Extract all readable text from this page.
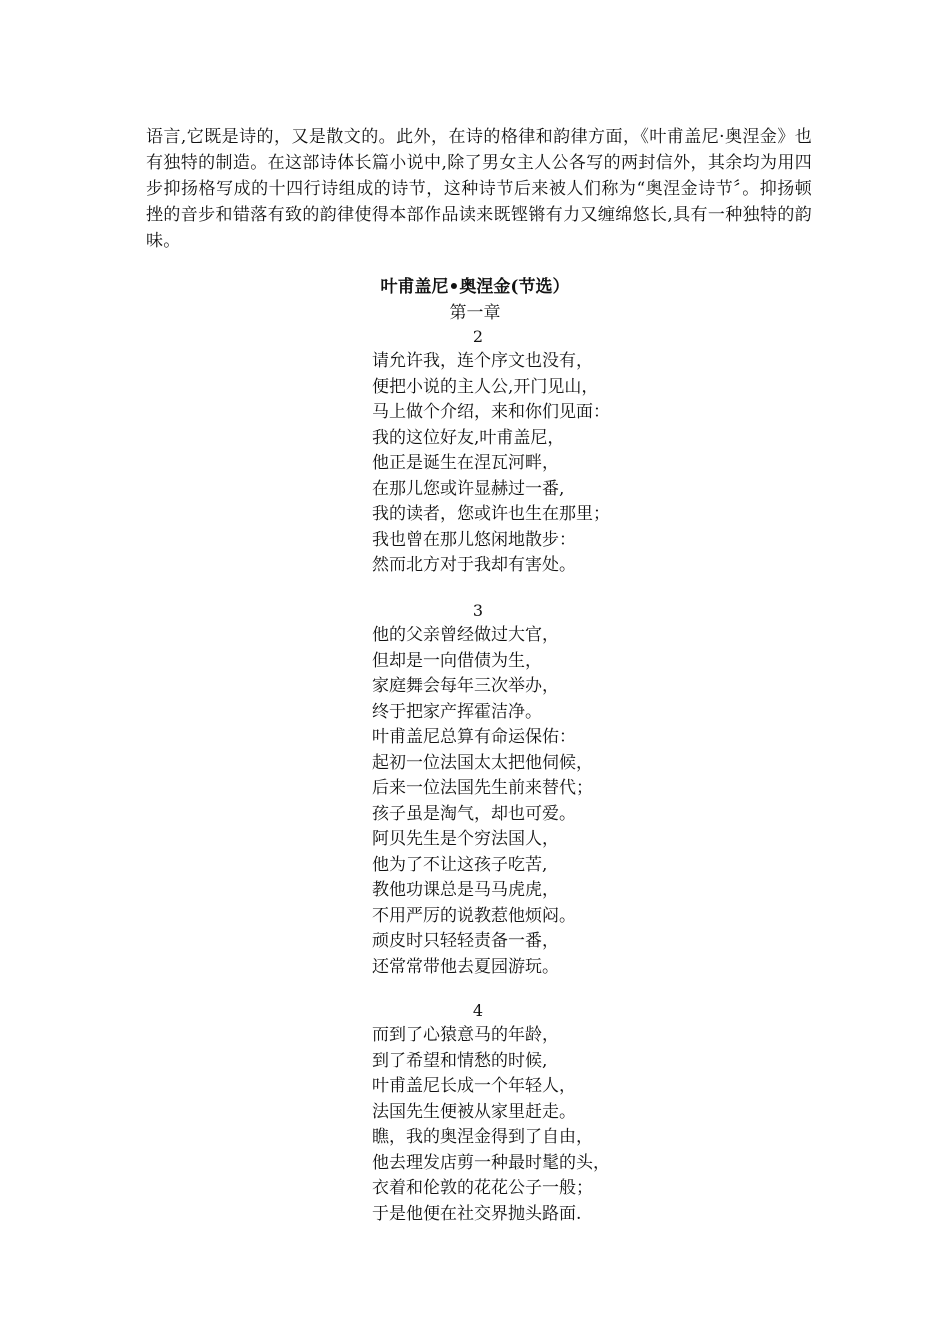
语言,它既是诗的，又是散文的。此外，在诗的格律和韵律方面，《叶甫盖尼·奥涅金》也有独特的制造。在这部诗体长篇小说中,除了男女主人公各写的两封信外，其余均为用四步抑扬格写成的十四行诗组成的诗节，这种诗节后来被人们称为“奥涅金诗节〞。抑扬顿挫的音步和错落有致的韵律使得本部作品读来既铿锵有力又缠绵悠长,具有一种独特的韵味。

叶甫盖尼•奥涅金(节选）
第一章
2
请允许我，连个序文也没有，
便把小说的主人公,开门见山，
马上做个介绍，来和你们见面：
我的这位好友,叶甫盖尼，
他正是诞生在涅瓦河畔，
在那儿您或许显赫过一番,
我的读者，您或许也生在那里；
我也曾在那儿悠闲地散步：
然而北方对于我却有害处。
3
他的父亲曾经做过大官，
但却是一向借债为生，
家庭舞会每年三次举办，
终于把家产挥霍洁净。
叶甫盖尼总算有命运保佑：
起初一位法国太太把他伺候，
后来一位法国先生前来替代；
孩子虽是淘气，却也可爱。
阿贝先生是个穷法国人，
他为了不让这孩子吃苦,
教他功课总是马马虎虎，
不用严厉的说教惹他烦闷。
顽皮时只轻轻责备一番，
还常常带他去夏园游玩。
4
而到了心猿意马的年龄，
到了希望和情愁的时候,
叶甫盖尼长成一个年轻人，
法国先生便被从家里赶走。
瞧，我的奥涅金得到了自由，
他去理发店剪一种最时髦的头，
衣着和伦敦的花花公子一般；
于是他便在社交界抛头路面.
